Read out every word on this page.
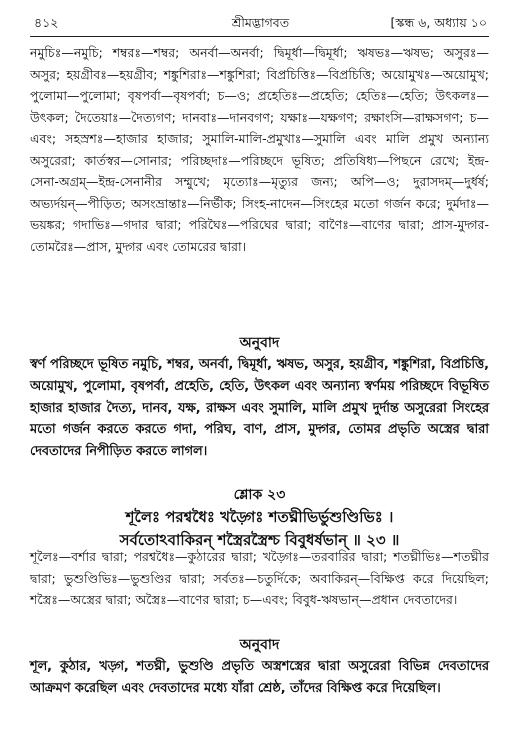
৪১২	শ্রীমদ্ভাগবত	[স্কন্ধ ৬, অধ্যায় ১০

নমুচিঃ—নমুচি; শম্বরঃ—শম্বর; অনর্বা—অনর্বা; দ্বিমূর্ধা—দ্বিমূর্ধা; ঋষভঃ—ঋষভ; অসুরঃ—অসুর; হয়গ্রীবঃ—হয়গ্রীব; শঙ্কুশিরাঃ—শঙ্কুশিরা; বিপ্রচিত্তিঃ—বিপ্রচিত্তি; অয়োমুখঃ—অয়োমুখ; পুলোমা—পুলোমা; বৃষপর্বা—বৃষপর্বা; চ—ও; প্রহেতিঃ—প্রহেতি; হেতিঃ—হেতি; উৎকলঃ—উৎকল; দৈতেয়াঃ—দৈত্যগণ; দানবাঃ—দানবগণ; যক্ষাঃ—যক্ষগণ; রক্ষাংসি—রাক্ষসগণ; চ—এবং; সহস্রশঃ—হাজার হাজার; সুমালি-মালি-প্রমুখাঃ—সুমালি এবং মালি প্রমুখ অন্যান্য অসুরেরা; কার্তস্বর—সোনার; পরিচ্ছদাঃ—পরিচ্ছদে ভূষিত; প্রতিষিধ্য—পিছনে রেখে; ইন্দ্র-সেনা-অগ্রম্—ইন্দ্র-সেনানীর সম্মুখে; মৃত্যোঃ—মৃত্যুর জন্য; অপি—ও; দুরাসদম্—দুর্ধর্ষ; অভ্যর্দয়ন্—পীড়িত; অসংভ্রান্তাঃ—নির্ভীক; সিংহ-নাদেন—সিংহের মতো গর্জন করে; দুর্মদাঃ—ভয়ঙ্কর; গদাভিঃ—গদার দ্বারা; পরিঘৈঃ—পরিঘের দ্বারা; বাণৈঃ—বাণের দ্বারা; প্রাস-মুদ্গর-তোমরৈঃ—প্রাস, মুদ্গর এবং তোমরের দ্বারা।

অনুবাদ

স্বর্ণ পরিচ্ছদে ভূষিত নমুচি, শম্বর, অনর্বা, দ্বিমূর্ধা, ঋষভ, অসুর, হয়গ্রীব, শঙ্কুশিরা, বিপ্রচিত্তি, অয়োমুখ, পুলোমা, বৃষপর্বা, প্রহেতি, হেতি, উৎকল এবং অন্যান্য স্বর্ণময় পরিচ্ছদে বিভূষিত হাজার হাজার দৈত্য, দানব, যক্ষ, রাক্ষস এবং সুমালি, মালি প্রমুখ দুর্দান্ত অসুরেরা সিংহের মতো গর্জন করতে করতে গদা, পরিঘ, বাণ, প্রাস, মুদ্গর, তোমর প্রভৃতি অস্ত্রের দ্বারা দেবতাদের নিপীড়িত করতে লাগল।

শ্লোক ২৩
শূলৈঃ পরশ্বধৈঃ খড়্গৈঃ শতঘ্নীভির্ভুশুণ্ডিভিঃ ।
সর্বতোঽবাকিরন্ শস্ত্রৈরস্ত্রৈশ্চ বিবুধর্ষভান্ ॥ ২৩ ॥

শূলৈঃ—বর্শার দ্বারা; পরশ্বধৈঃ—কুঠারের দ্বারা; খড়্গৈঃ—তরবারির দ্বারা; শতঘ্নীভিঃ—শতঘ্নীর দ্বারা; ভুশুণ্ডিভিঃ—ভুশুণ্ডির দ্বারা; সর্বতঃ—চতুর্দিকে; অবাকিরন্—বিক্ষিপ্ত করে দিয়েছিল; শস্ত্রৈঃ—অস্ত্রের দ্বারা; অস্ত্রৈঃ—বাণের দ্বারা; চ—এবং; বিবুধ-ঋষভান্—প্রধান দেবতাদের।

অনুবাদ

শূল, কুঠার, খড়্গ, শতঘ্নী, ভুশুণ্ডি প্রভৃতি অস্ত্রশস্ত্রের দ্বারা অসুরেরা বিভিন্ন দেবতাদের আক্রমণ করেছিল এবং দেবতাদের মধ্যে যাঁরা শ্রেষ্ঠ, তাঁদের বিক্ষিপ্ত করে দিয়েছিল।
